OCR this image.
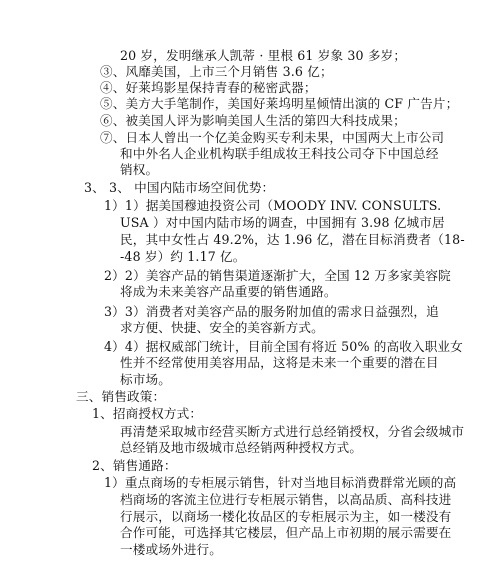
20 岁，发明继承人凯蒂 · 里根 61 岁象 30 多岁；
③、风靡美国，上市三个月销售 3.6 亿；
④、好莱坞影星保持青春的秘密武器；
⑤、美方大手笔制作，美国好莱坞明星倾情出演的 CF 广告片；
⑥、被美国人评为影响美国人生活的第四大科技成果；
⑦、日本人曾出一个亿美金购买专利未果，中国两大上市公司
和中外名人企业机构联手组成妆王科技公司夺下中国总经
销权。
3、 3、 中国内陆市场空间优势：
1）1）据美国穆迪投资公司（MOODY INV. CONSULTS.
USA ）对中国内陆市场的调查，中国拥有 3.98 亿城市居
民，其中女性占 49.2%，达 1.96 亿，潜在目标消费者（18-
-48 岁）约 1.17 亿。
2）2）美容产品的销售渠道逐渐扩大，全国 12 万多家美容院
将成为未来美容产品重要的销售通路。
3）3）消费者对美容产品的服务附加值的需求日益强烈，追
求方便、快捷、安全的美容新方式。
4）4）据权威部门统计，目前全国有将近 50% 的高收入职业女
性并不经常使用美容用品，这将是未来一个重要的潜在目
标市场。
三、销售政策：
1、招商授权方式：
再清楚采取城市经营买断方式进行总经销授权，分省会级城市
总经销及地市级城市总经销两种授权方式。
2、销售通路：
1）重点商场的专柜展示销售，针对当地目标消费群常光顾的高
档商场的客流主位进行专柜展示销售，以高品质、高科技进
行展示，以商场一楼化妆品区的专柜展示为主，如一楼没有
合作可能，可选择其它楼层，但产品上市初期的展示需要在
一楼或场外进行。
